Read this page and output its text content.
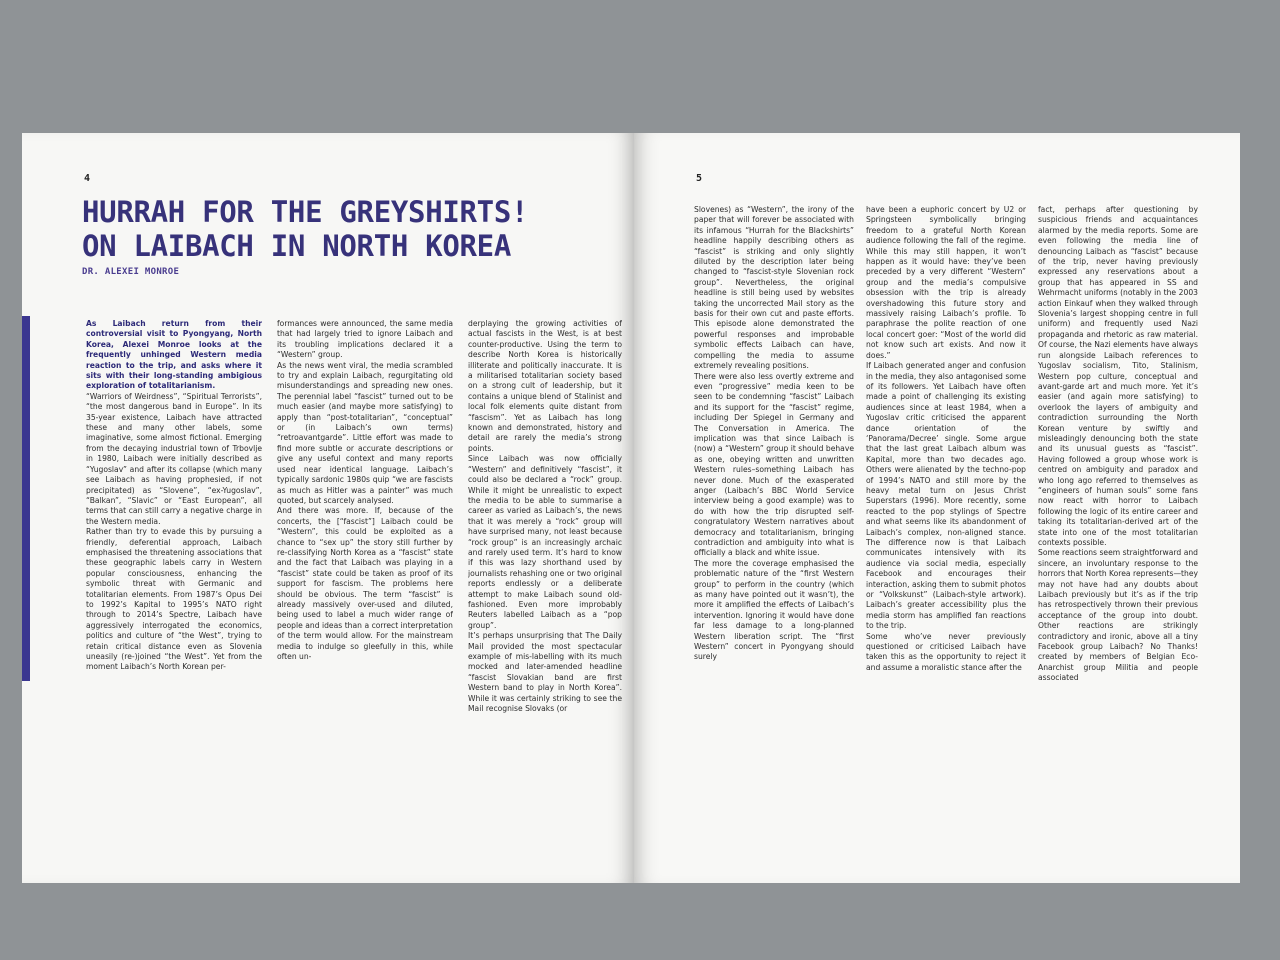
4
HURRAH FOR THE GREYSHIRTS!
ON LAIBACH IN NORTH KOREA
DR. ALEXEI MONROE

As Laibach return from their controversial visit to Pyongyang, North Korea, Alexei Monroe looks at the frequently unhinged Western media reaction to the trip, and asks where it sits with their long-standing ambigious exploration of totalitarianism.

“Warriors of Weirdness”, “Spiritual Terrorists”, “the most dangerous band in Europe”. In its 35-year existence, Laibach have attracted these and many other labels, some imaginative, some almost fictional. Emerging from the decaying industrial town of Trbovlje in 1980, Laibach were initially described as “Yugoslav” and after its collapse (which many see Laibach as having prophesied, if not precipitated) as “Slovene”, “ex-Yugoslav”, “Balkan”, “Slavic” or “East European”, all terms that can still carry a negative charge in the Western media.

Rather than try to evade this by pursuing a friendly, deferential approach, Laibach emphasised the threatening associations that these geographic labels carry in Western popular consciousness, enhancing the symbolic threat with Germanic and totalitarian elements. From 1987’s Opus Dei to 1992’s Kapital to 1995’s NATO right through to 2014’s Spectre, Laibach have aggressively interrogated the economics, politics and culture of “the West”, trying to retain critical distance even as Slovenia uneasily (re-)joined “the West”. Yet from the moment Laibach’s North Korean per-

formances were announced, the same media that had largely tried to ignore Laibach and its troubling implications declared it a “Western” group.

As the news went viral, the media scrambled to try and explain Laibach, regurgitating old misunderstandings and spreading new ones. The perennial label “fascist” turned out to be much easier (and maybe more satisfying) to apply than “post-totalitarian”, “conceptual” or (in Laibach’s own terms) “retroavantgarde”. Little effort was made to find more subtle or accurate descriptions or give any useful context and many reports used near identical language. Laibach’s typically sardonic 1980s quip “we are fascists as much as Hitler was a painter” was much quoted, but scarcely analysed.

And there was more. If, because of the concerts, the [“fascist”] Laibach could be “Western”, this could be exploited as a chance to “sex up” the story still further by re-classifying North Korea as a “fascist” state and the fact that Laibach was playing in a “fascist” state could be taken as proof of its support for fascism. The problems here should be obvious. The term “fascist” is already massively over-used and diluted, being used to label a much wider range of people and ideas than a correct interpretation of the term would allow. For the mainstream media to indulge so gleefully in this, while often un-

derplaying the growing activities of actual fascists in the West, is at best counter-productive. Using the term to describe North Korea is historically illiterate and politically inaccurate. It is a militarised totalitarian society based on a strong cult of leadership, but it contains a unique blend of Stalinist and local folk elements quite distant from “fascism”. Yet as Laibach has long known and demonstrated, history and detail are rarely the media’s strong points.

Since Laibach was now officially “Western” and definitively “fascist”, it could also be declared a “rock” group. While it might be unrealistic to expect the media to be able to summarise a career as varied as Laibach’s, the news that it was merely a “rock” group will have surprised many, not least because “rock group” is an increasingly archaic and rarely used term. It’s hard to know if this was lazy shorthand used by journalists rehashing one or two original reports endlessly or a deliberate attempt to make Laibach sound old-fashioned. Even more improbably Reuters labelled Laibach as a “pop group”.

It’s perhaps unsurprising that The Daily Mail provided the most spectacular example of mis-labelling with its much mocked and later-amended headline “fascist Slovakian band are first Western band to play in North Korea”. While it was certainly striking to see the Mail recognise Slovaks (or

5

Slovenes) as “Western”, the irony of the paper that will forever be associated with its infamous “Hurrah for the Blackshirts” headline happily describing others as “fascist” is striking and only slightly diluted by the description later being changed to “fascist-style Slovenian rock group”. Nevertheless, the original headline is still being used by websites taking the uncorrected Mail story as the basis for their own cut and paste efforts. This episode alone demonstrated the powerful responses and improbable symbolic effects Laibach can have, compelling the media to assume extremely revealing positions.

There were also less overtly extreme and even “progressive” media keen to be seen to be condemning “fascist” Laibach and its support for the “fascist” regime, including Der Spiegel in Germany and The Conversation in America. The implication was that since Laibach is (now) a “Western” group it should behave as one, obeying written and unwritten Western rules–something Laibach has never done. Much of the exasperated anger (Laibach’s BBC World Service interview being a good example) was to do with how the trip disrupted self-congratulatory Western narratives about democracy and totalitarianism, bringing contradiction and ambiguity into what is officially a black and white issue.

The more the coverage emphasised the problematic nature of the “first Western group” to perform in the country (which as many have pointed out it wasn’t), the more it amplified the effects of Laibach’s intervention. Ignoring it would have done far less damage to a long-planned Western liberation script. The “first Western” concert in Pyongyang should surely

have been a euphoric concert by U2 or Springsteen symbolically bringing freedom to a grateful North Korean audience following the fall of the regime. While this may still happen, it won’t happen as it would have: they’ve been preceded by a very different “Western” group and the media’s compulsive obsession with the trip is already overshadowing this future story and massively raising Laibach’s profile. To paraphrase the polite reaction of one local concert goer: “Most of the world did not know such art exists. And now it does.”

If Laibach generated anger and confusion in the media, they also antagonised some of its followers. Yet Laibach have often made a point of challenging its existing audiences since at least 1984, when a Yugoslav critic criticised the apparent dance orientation of the ‘Panorama/Decree’ single. Some argue that the last great Laibach album was Kapital, more than two decades ago. Others were alienated by the techno-pop of 1994’s NATO and still more by the heavy metal turn on Jesus Christ Superstars (1996). More recently, some reacted to the pop stylings of Spectre and what seems like its abandonment of Laibach’s complex, non-aligned stance. The difference now is that Laibach communicates intensively with its audience via social media, especially Facebook and encourages their interaction, asking them to submit photos or “Volkskunst” (Laibach-style artwork). Laibach’s greater accessibility plus the media storm has amplified fan reactions to the trip.

Some who’ve never previously questioned or criticised Laibach have taken this as the opportunity to reject it and assume a moralistic stance after the

fact, perhaps after questioning by suspicious friends and acquaintances alarmed by the media reports. Some are even following the media line of denouncing Laibach as “fascist” because of the trip, never having previously expressed any reservations about a group that has appeared in SS and Wehrmacht uniforms (notably in the 2003 action Einkauf when they walked through Slovenia’s largest shopping centre in full uniform) and frequently used Nazi propaganda and rhetoric as raw material. Of course, the Nazi elements have always run alongside Laibach references to Yugoslav socialism, Tito, Stalinism, Western pop culture, conceptual and avant-garde art and much more. Yet it’s easier (and again more satisfying) to overlook the layers of ambiguity and contradiction surrounding the North Korean venture by swiftly and misleadingly denouncing both the state and its unusual guests as “fascist”. Having followed a group whose work is centred on ambiguity and paradox and who long ago referred to themselves as “engineers of human souls” some fans now react with horror to Laibach following the logic of its entire career and taking its totalitarian-derived art of the state into one of the most totalitarian contexts possible.

Some reactions seem straightforward and sincere, an involuntary response to the horrors that North Korea represents—they may not have had any doubts about Laibach previously but it’s as if the trip has retrospectively thrown their previous acceptance of the group into doubt. Other reactions are strikingly contradictory and ironic, above all a tiny Facebook group Laibach? No Thanks! created by members of Belgian Eco-Anarchist group Militia and people associated
